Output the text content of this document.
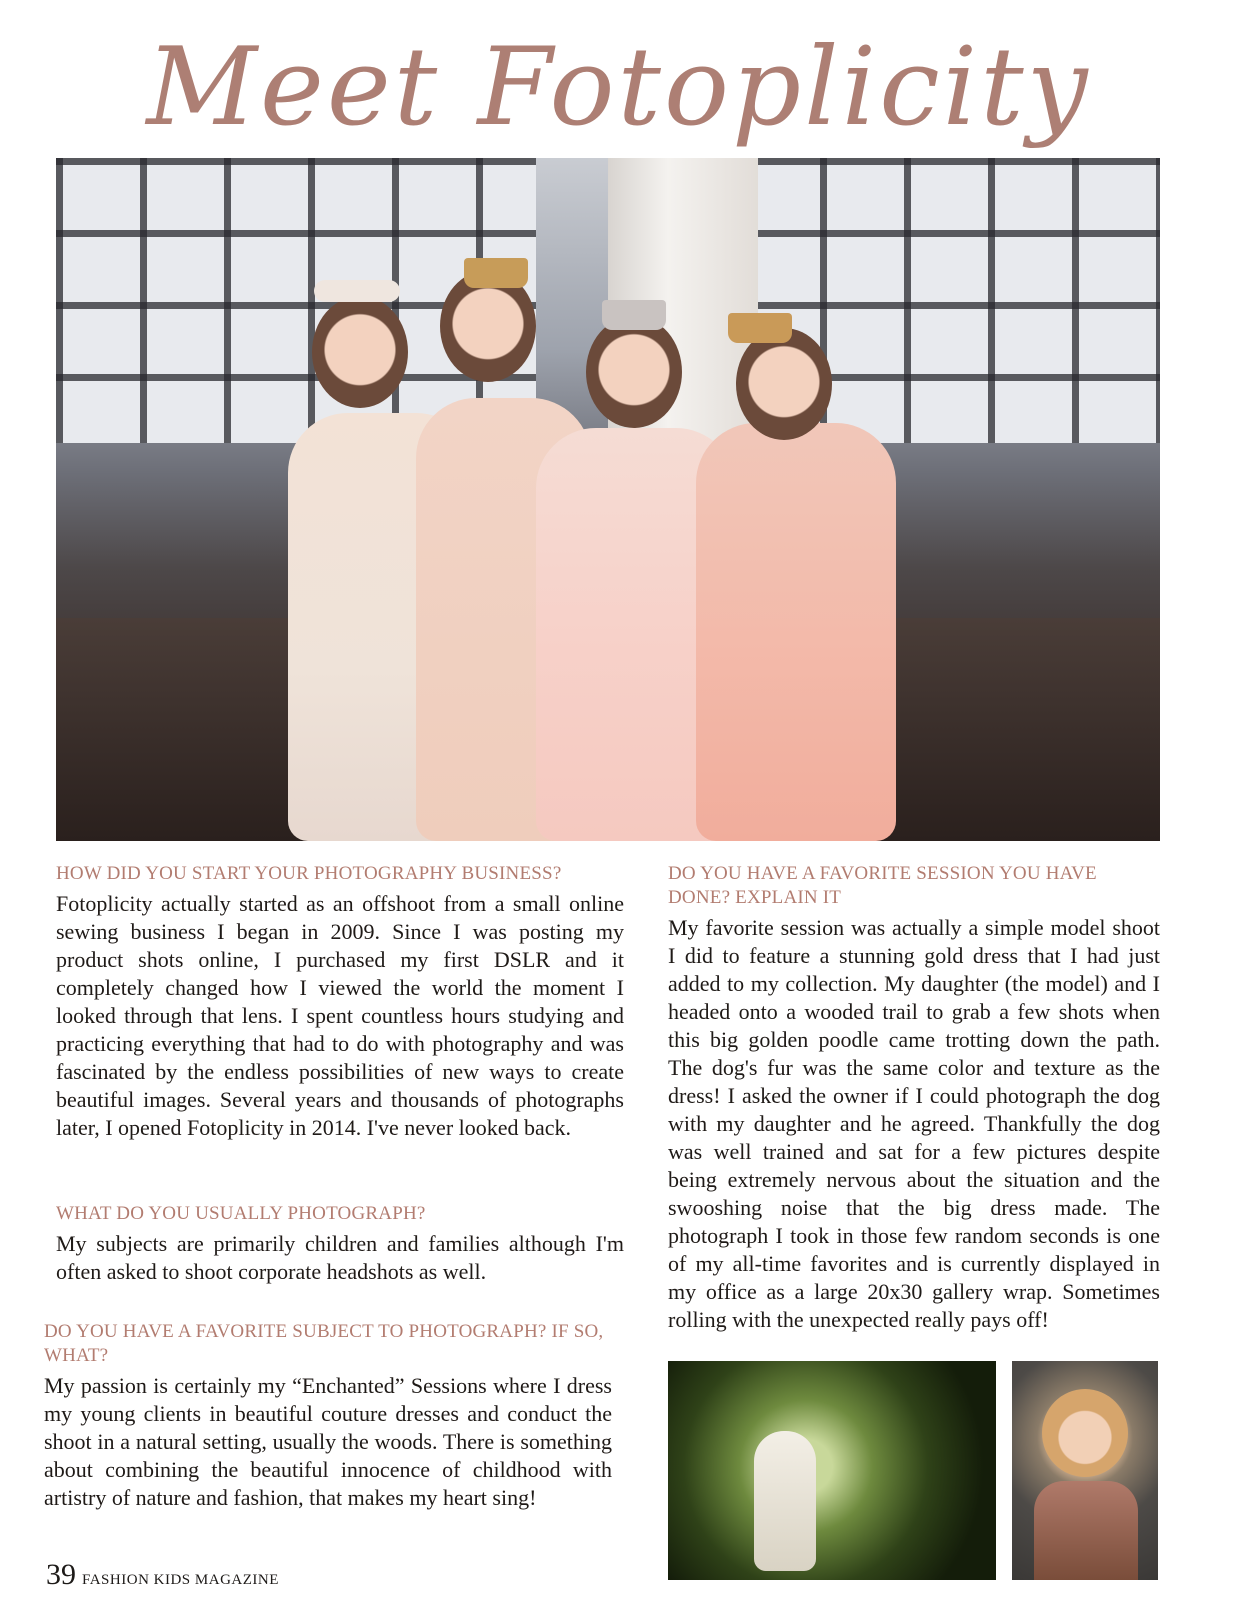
Meet Fotoplicity

HOW DID YOU START YOUR PHOTOGRAPHY BUSINESS?

Fotoplicity actually started as an offshoot from a small online sewing business I began in 2009. Since I was posting my product shots online, I purchased my first DSLR and it completely changed how I viewed the world the moment I looked through that lens. I spent countless hours studying and practicing everything that had to do with photography and was fascinated by the endless possibilities of new ways to create beautiful images. Several years and thousands of photographs later, I opened Fotoplicity in 2014. I've never looked back.

WHAT DO YOU USUALLY PHOTOGRAPH?

My subjects are primarily children and families although I'm often asked to shoot corporate headshots as well.

DO YOU HAVE A FAVORITE SUBJECT TO PHOTOGRAPH? IF SO, WHAT?

My passion is certainly my “Enchanted” Sessions where I dress my young clients in beautiful couture dresses and conduct the shoot in a natural setting, usually the woods. There is something about combining the beautiful innocence of childhood with artistry of nature and fashion, that makes my heart sing!

DO YOU HAVE A FAVORITE SESSION YOU HAVE DONE? EXPLAIN IT

My favorite session was actually a simple model shoot I did to feature a stunning gold dress that I had just added to my collection. My daughter (the model) and I headed onto a wooded trail to grab a few shots when this big golden poodle came trotting down the path. The dog's fur was the same color and texture as the dress! I asked the owner if I could photograph the dog with my daughter and he agreed. Thankfully the dog was well trained and sat for a few pictures despite being extremely nervous about the situation and the swooshing noise that the big dress made. The photograph I took in those few random seconds is one of my all-time favorites and is currently displayed in my office as a large 20x30 gallery wrap. Sometimes rolling with the unexpected really pays off!

39 FASHION KIDS MAGAZINE
